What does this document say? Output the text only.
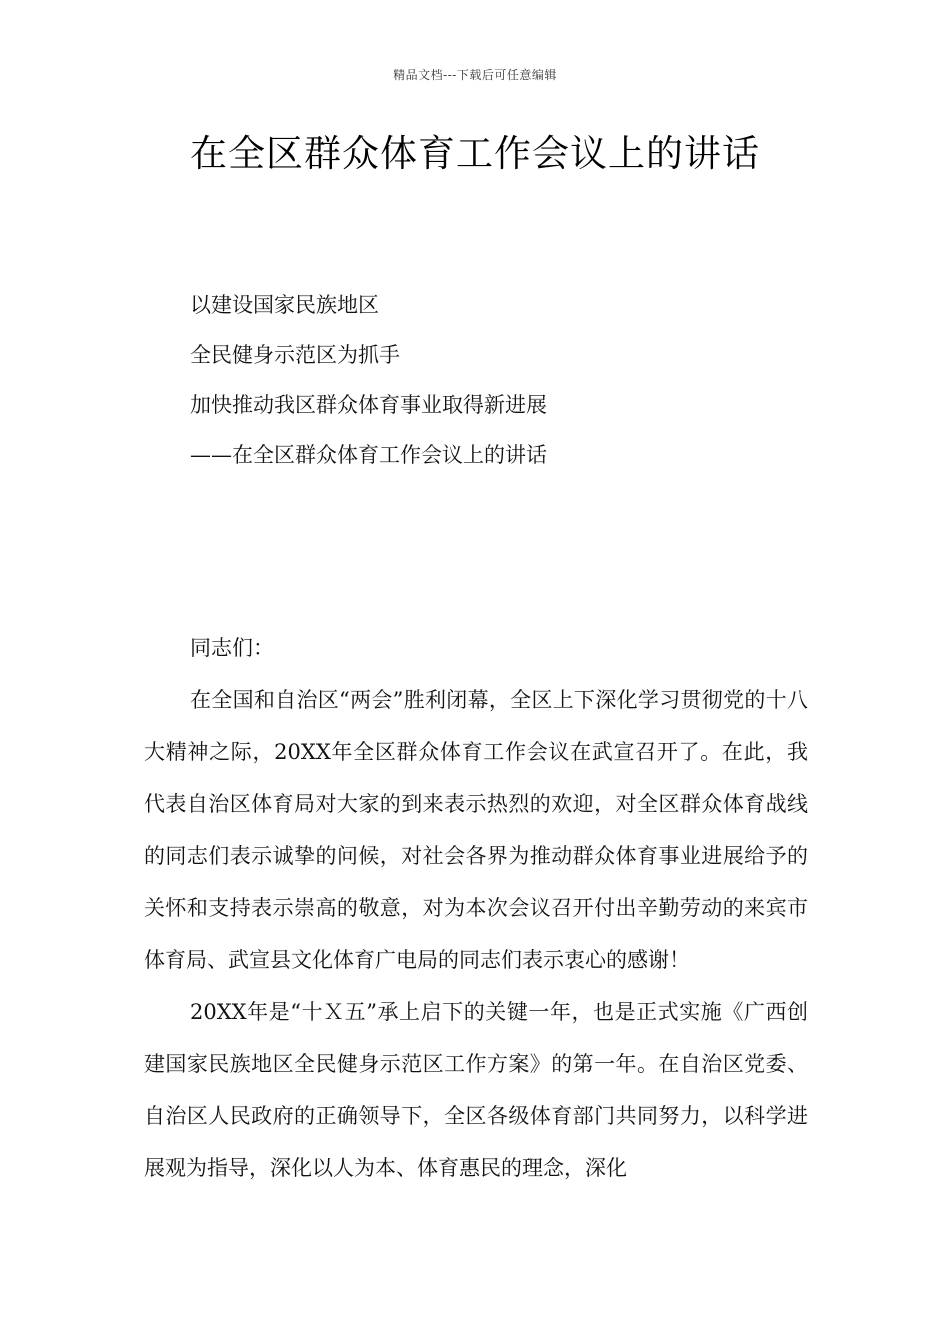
精品文档---下载后可任意编辑
在全区群众体育工作会议上的讲话
以建设国家民族地区
全民健身示范区为抓手
加快推动我区群众体育事业取得新进展
——在全区群众体育工作会议上的讲话
同志们：

在全国和自治区“两会”胜利闭幕，全区上下深化学习贯彻党的十八大精神之际，20XX年全区群众体育工作会议在武宣召开了。在此，我代表自治区体育局对大家的到来表示热烈的欢迎，对全区群众体育战线的同志们表示诚挚的问候，对社会各界为推动群众体育事业进展给予的关怀和支持表示崇高的敬意，对为本次会议召开付出辛勤劳动的来宾市体育局、武宣县文化体育广电局的同志们表示衷心的感谢！

20XX年是“十Ｘ五”承上启下的关键一年，也是正式实施《广西创建国家民族地区全民健身示范区工作方案》的第一年。在自治区党委、自治区人民政府的正确领导下，全区各级体育部门共同努力，以科学进展观为指导，深化以人为本、体育惠民的理念，深化
